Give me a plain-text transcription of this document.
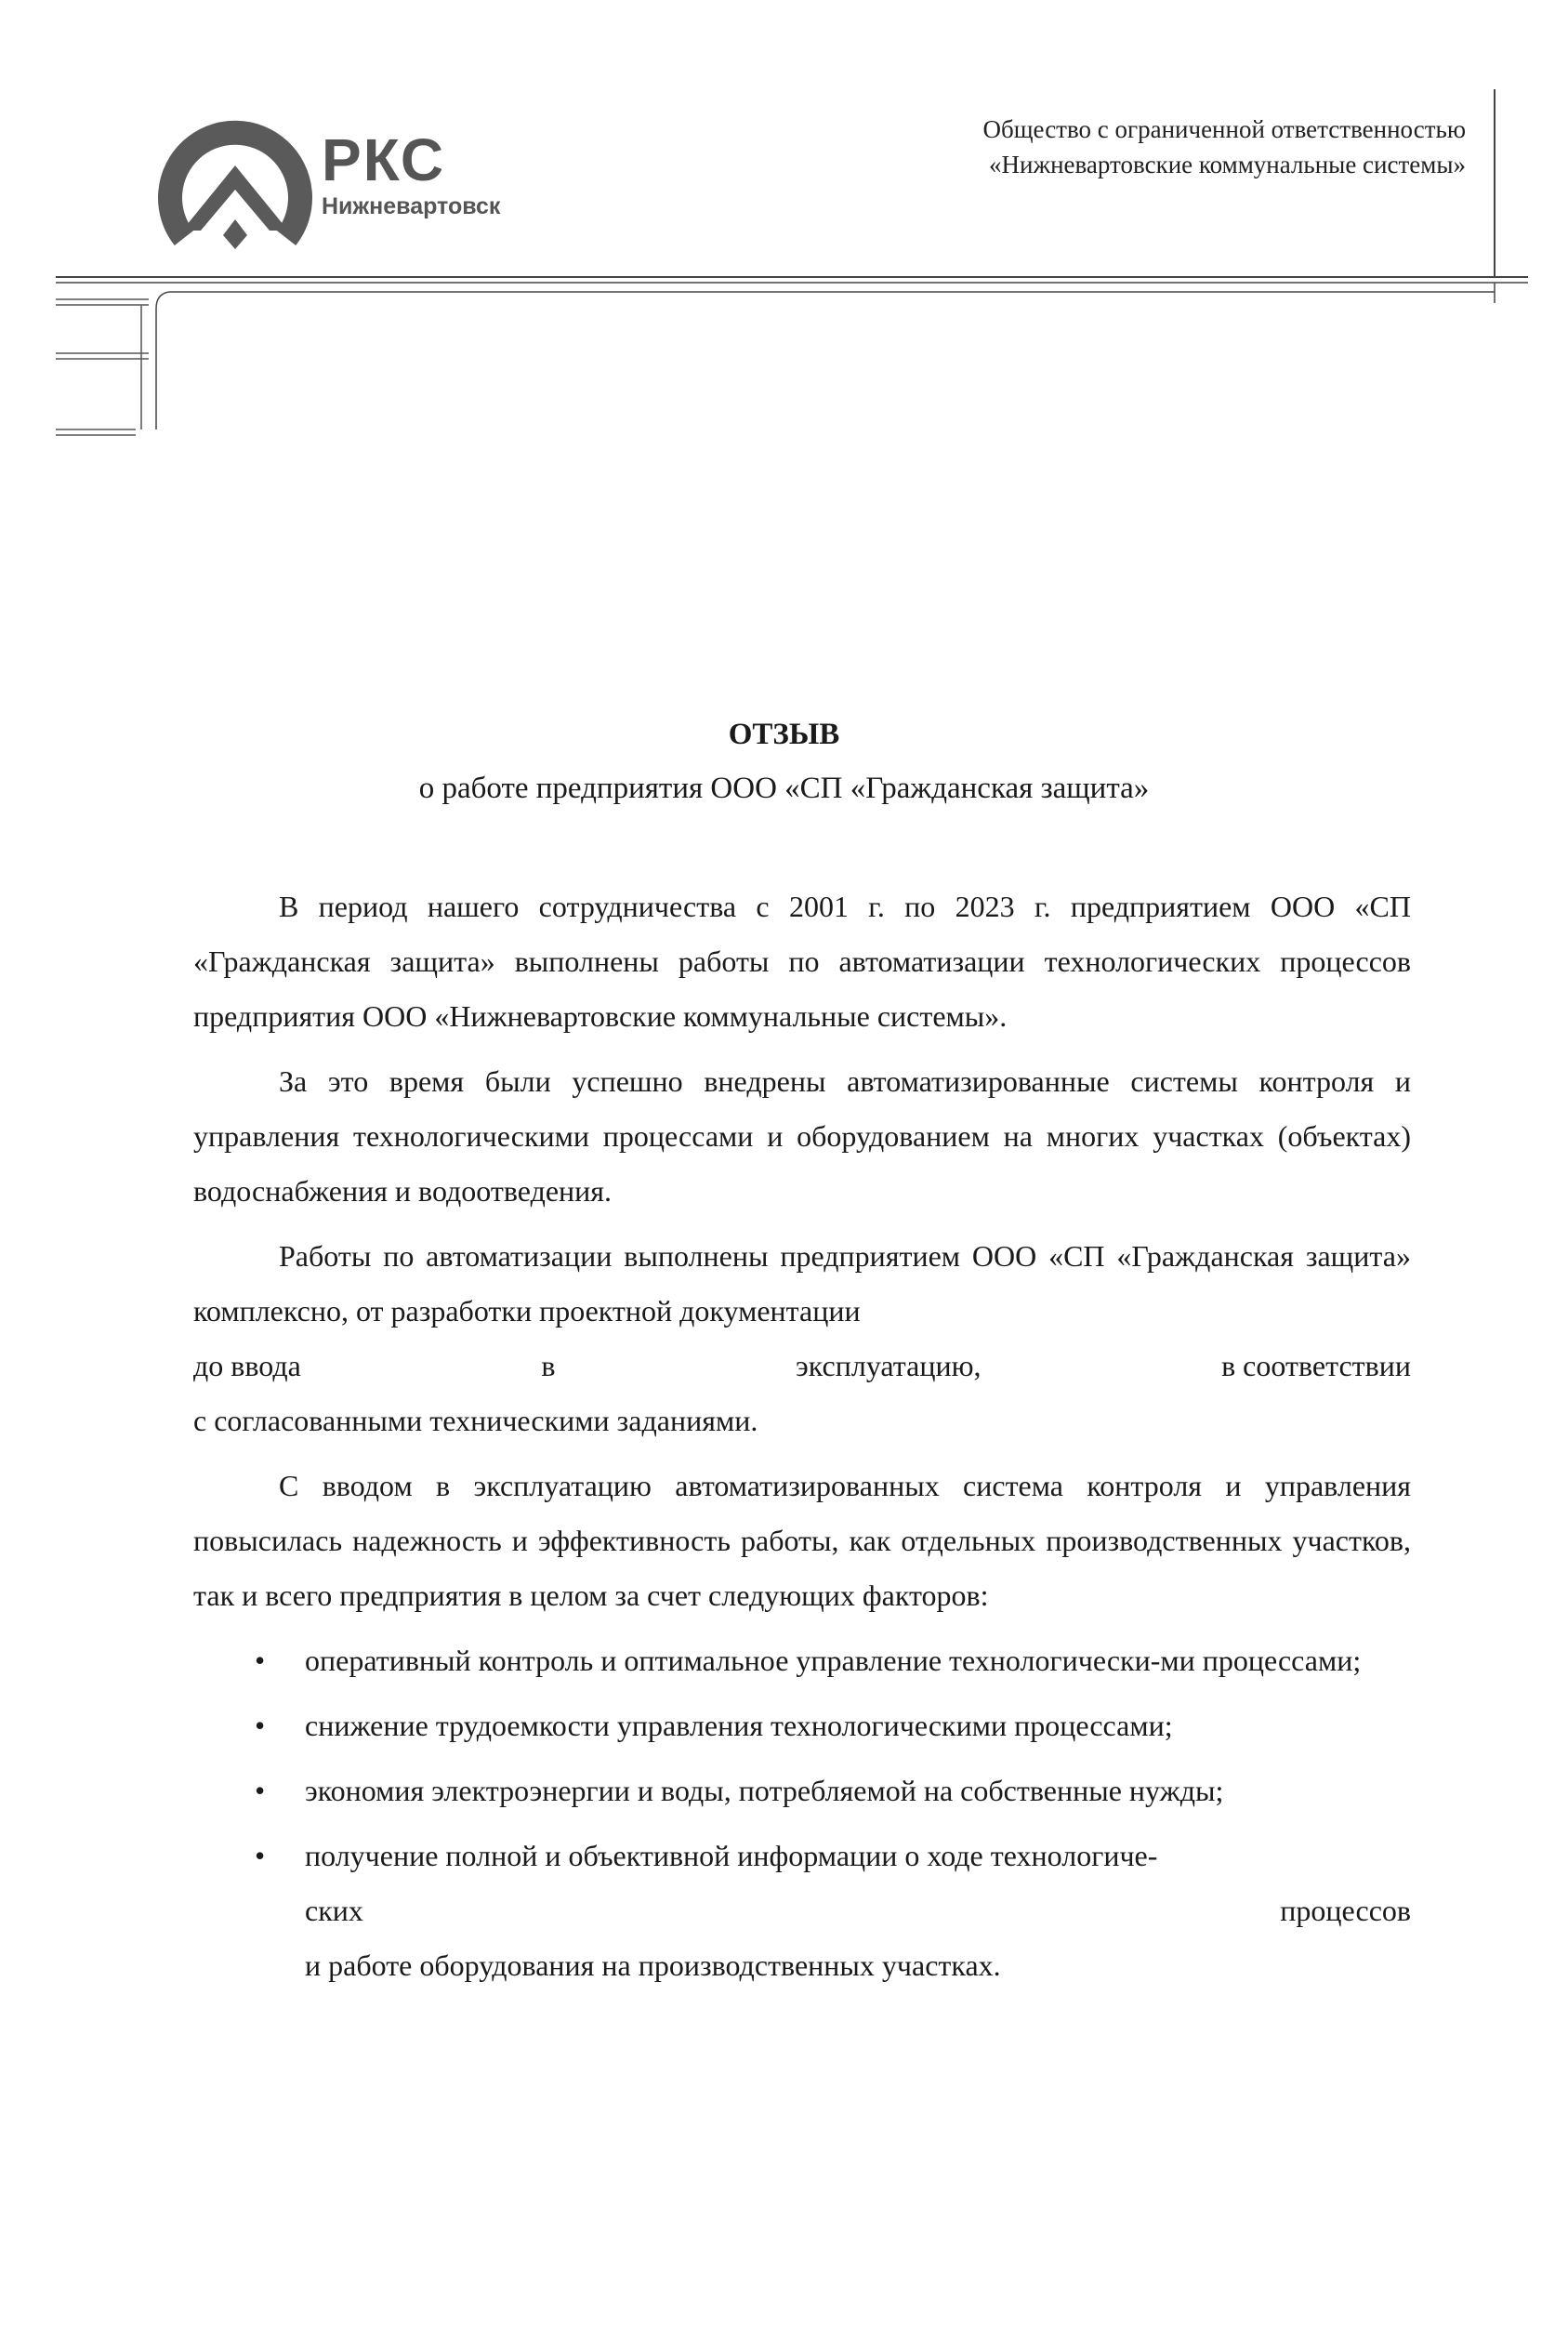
РКС
Нижневартовск
Общество с ограниченной ответственностью
«Нижневартовские коммунальные системы»
ОТЗЫВ
о работе предприятия ООО «СП «Гражданская защита»

В период нашего сотрудничества с 2001 г. по 2023 г. предприятием ООО «СП «Гражданская защита» выполнены работы по автоматизации технологических процессов предприятия ООО «Нижневартовские коммунальные системы».

За это время были успешно внедрены автоматизированные системы контроля и управления технологическими процессами и оборудованием на многих участках (объектах) водоснабжения и водоотведения.

Работы по автоматизации выполнены предприятием ООО «СП «Гражданская защита» комплексно, от разработки проектной документации

до ввода	в	эксплуатацию,	в соответствии
с согласованными техническими заданиями.

С вводом в эксплуатацию автоматизированных система контроля и управления повысилась надежность и эффективность работы, как отдельных производственных участков, так и всего предприятия в целом за счет следующих факторов:

• оперативный контроль и оптимальное управление технологически-ми процессами;
• снижение трудоемкости управления технологическими процессами;
• экономия электроэнергии и воды, потребляемой на собственные нужды;
• получение полной и объективной информации о ходе технологиче-
ских	процессов
и работе оборудования на производственных участках.
